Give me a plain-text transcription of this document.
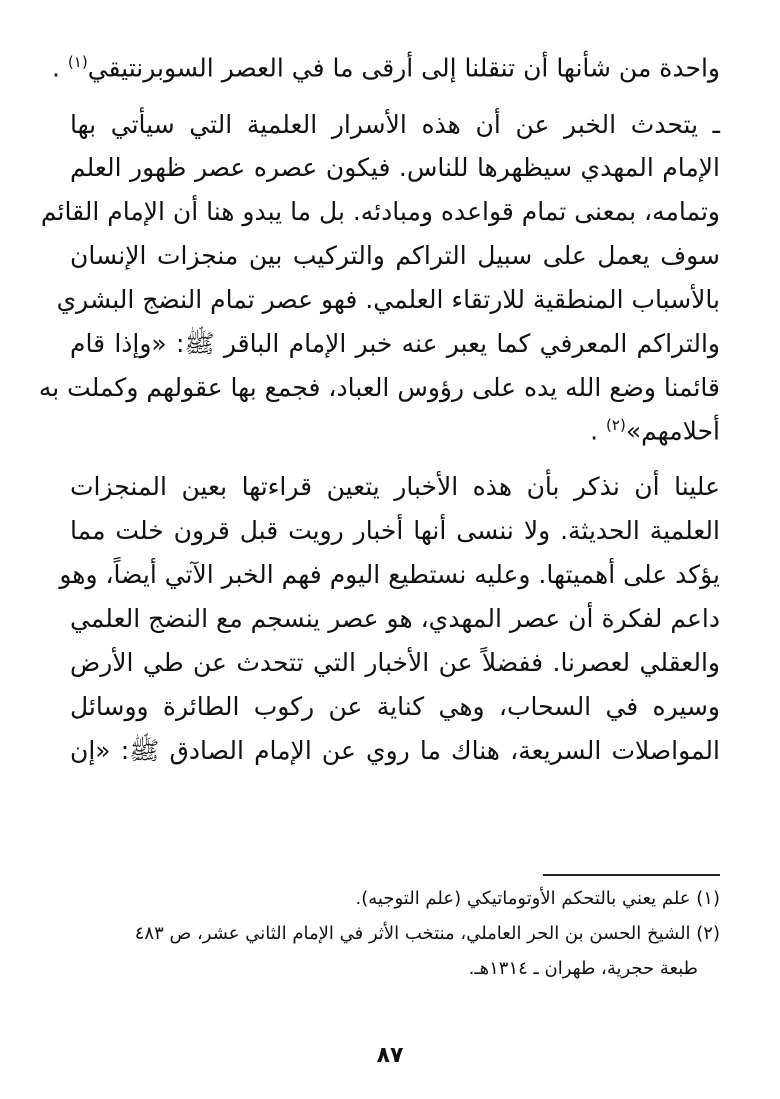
واحدة من شأنها أن تنقلنا إلى أرقى ما في العصر السوبرنتيقي$^{(١)}$ .
ـ يتحدث الخبر عن أن هذه الأسرار العلمية التي سيأتي بها
الإمام المهدي سيظهرها للناس. فيكون عصره عصر ظهور العلم
وتمامه، بمعنى تمام قواعده ومبادئه. بل ما يبدو هنا أن الإمام القائم
سوف يعمل على سبيل التراكم والتركيب بين منجزات الإنسان
بالأسباب المنطقية للارتقاء العلمي. فهو عصر تمام النضج البشري
والتراكم المعرفي كما يعبر عنه خبر الإمام الباقر ﷺ: «وإذا قام
قائمنا وضع الله يده على رؤوس العباد، فجمع بها عقولهم وكملت به
أحلامهم»$^{(٢)}$ .
علينا أن نذكر بأن هذه الأخبار يتعين قراءتها بعين المنجزات
العلمية الحديثة. ولا ننسى أنها أخبار رويت قبل قرون خلت مما
يؤكد على أهميتها. وعليه نستطيع اليوم فهم الخبر الآتي أيضاً، وهو
داعم لفكرة أن عصر المهدي، هو عصر ينسجم مع النضج العلمي
والعقلي لعصرنا. ففضلاً عن الأخبار التي تتحدث عن طي الأرض
وسيره في السحاب، وهي كناية عن ركوب الطائرة ووسائل
المواصلات السريعة، هناك ما روي عن الإمام الصادق ﷺ: «إن
(١) علم يعني بالتحكم الأوتوماتيكي (علم التوجيه).
(٢) الشيخ الحسن بن الحر العاملي، منتخب الأثر في الإمام الثاني عشر، ص ٤٨٣
طبعة حجرية، طهران ـ ١٣١٤هـ.
٨٧
